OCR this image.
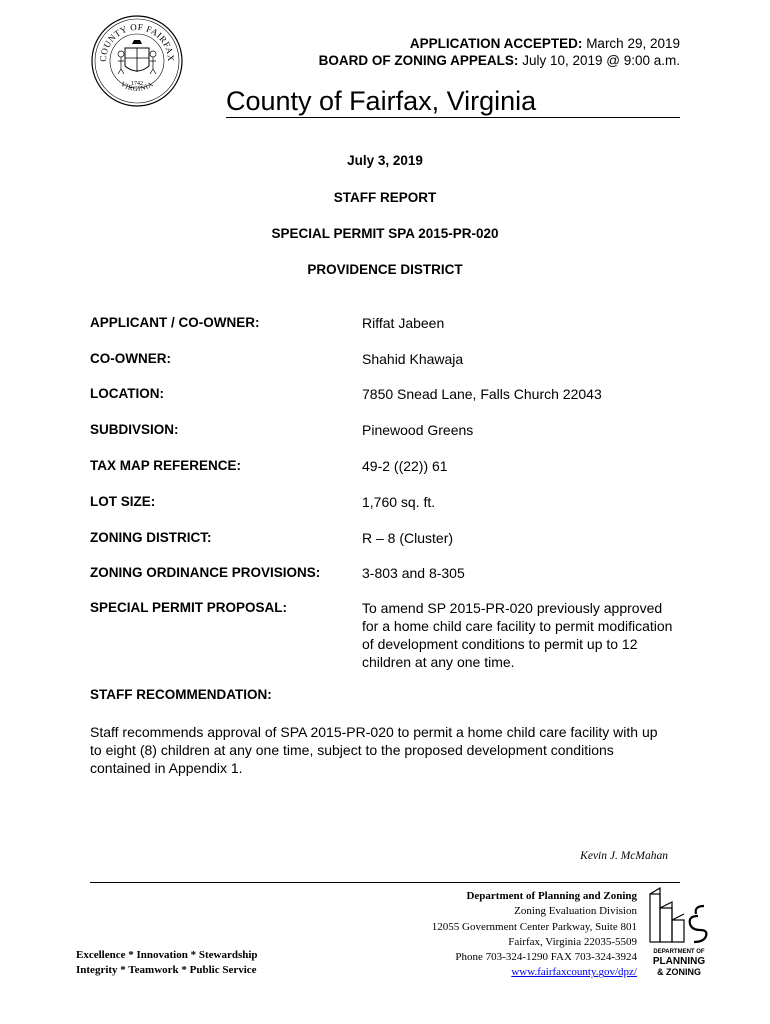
COUNTY OF FAIRFAX
VIRGINIA
1742
APPLICATION ACCEPTED: March 29, 2019
BOARD OF ZONING APPEALS: July 10, 2019 @ 9:00 a.m.
County of Fairfax, Virginia
July 3, 2019
STAFF REPORT
SPECIAL PERMIT SPA 2015-PR-020
PROVIDENCE DISTRICT
APPLICANT / CO-OWNER:	Riffat Jabeen
CO-OWNER:	Shahid Khawaja
LOCATION:	7850 Snead Lane, Falls Church 22043
SUBDIVSION:	Pinewood Greens
TAX MAP REFERENCE:	49-2 ((22)) 61
LOT SIZE:	1,760 sq. ft.
ZONING DISTRICT:	R – 8 (Cluster)
ZONING ORDINANCE PROVISIONS:	3-803 and 8-305
SPECIAL PERMIT PROPOSAL:	To amend SP 2015-PR-020 previously approved for a home child care facility to permit modification of development conditions to permit up to 12 children at any one time.
STAFF RECOMMENDATION:
Staff recommends approval of SPA 2015-PR-020 to permit a home child care facility with up to eight (8) children at any one time, subject to the proposed development conditions contained in Appendix 1.
Kevin J. McMahan
Excellence * Innovation * Stewardship
Integrity * Teamwork * Public Service
Department of Planning and Zoning
Zoning Evaluation Division
12055 Government Center Parkway, Suite 801
Fairfax, Virginia 22035-5509
Phone 703-324-1290 FAX 703-324-3924
www.fairfaxcounty.gov/dpz/
DEPARTMENT OF
PLANNING
& ZONING
